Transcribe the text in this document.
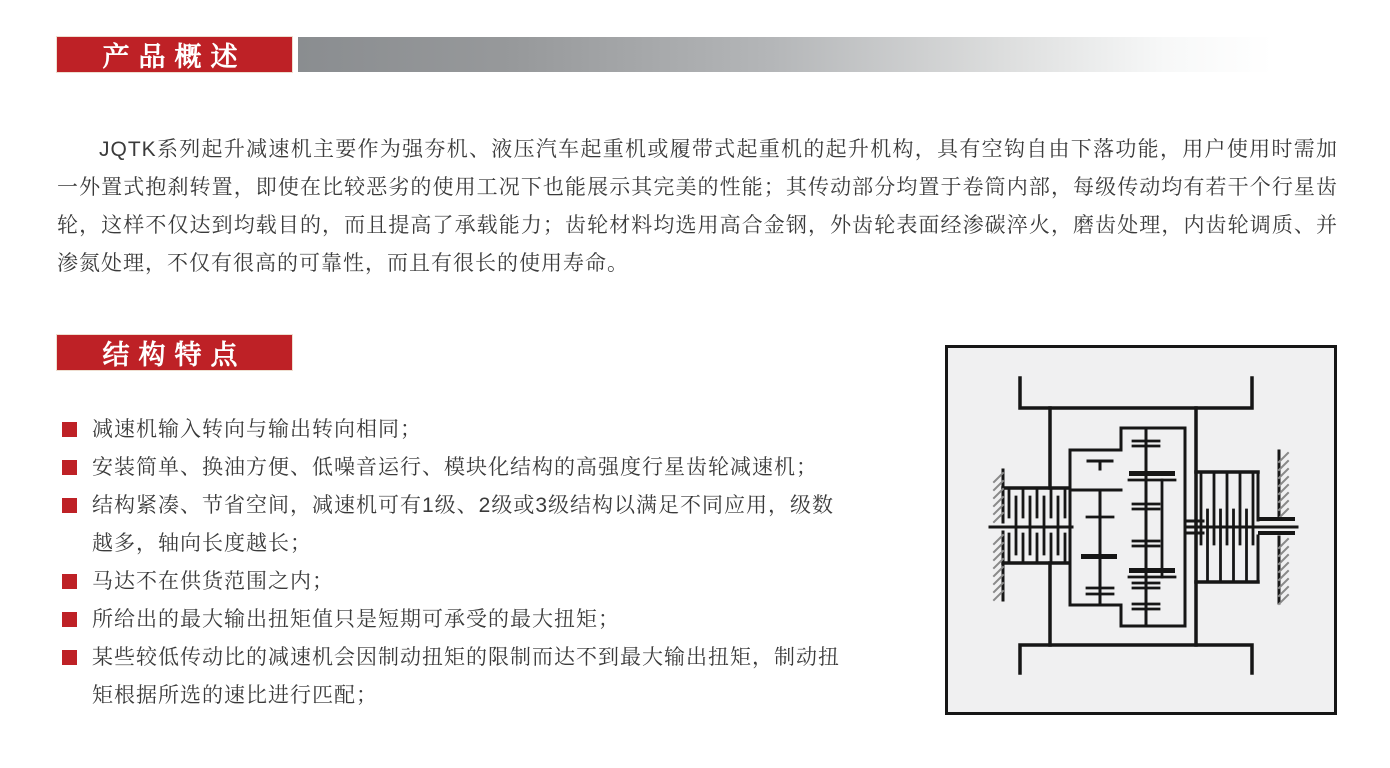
产品概述

JQTK系列起升减速机主要作为强夯机、液压汽车起重机或履带式起重机的起升机构，具有空钩自由下落功能，用户使用时需加一外置式抱刹转置，即使在比较恶劣的使用工况下也能展示其完美的性能；其传动部分均置于卷筒内部，每级传动均有若干个行星齿轮，这样不仅达到均载目的，而且提高了承载能力；齿轮材料均选用高合金钢，外齿轮表面经渗碳淬火，磨齿处理，内齿轮调质、并渗氮处理，不仅有很高的可靠性，而且有很长的使用寿命。

结构特点
减速机输入转向与输出转向相同；
安装简单、换油方便、低噪音运行、模块化结构的高强度行星齿轮减速机；
结构紧凑、节省空间，减速机可有1级、2级或3级结构以满足不同应用，级数越多，轴向长度越长；
马达不在供货范围之内；
所给出的最大输出扭矩值只是短期可承受的最大扭矩；
某些较低传动比的减速机会因制动扭矩的限制而达不到最大输出扭矩，制动扭矩根据所选的速比进行匹配；
